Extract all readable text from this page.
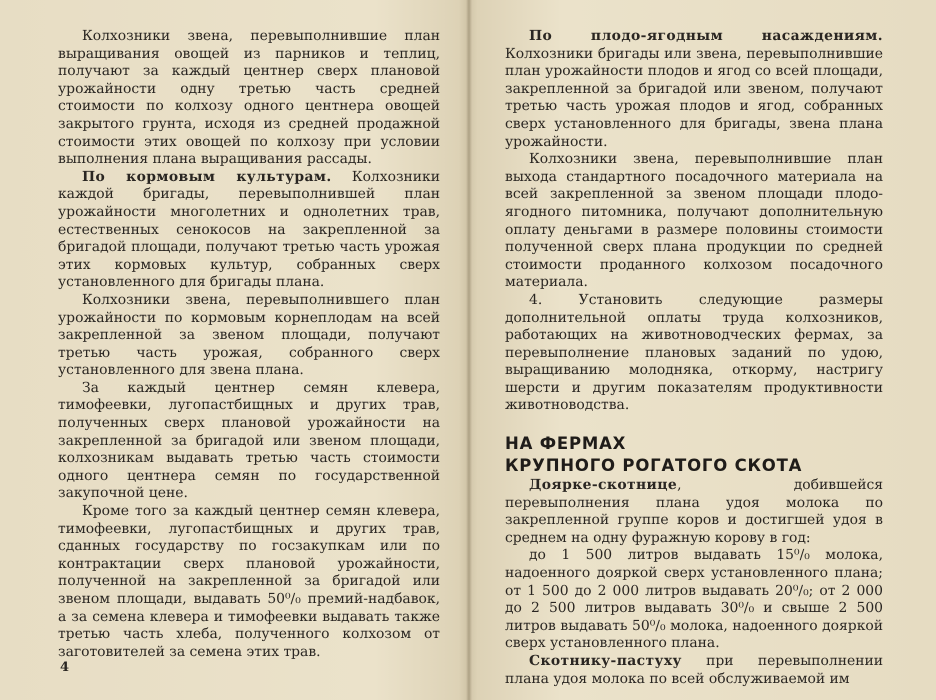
Колхозники звена, перевыполнившие план выращивания овощей из парников и теплиц, получают за каждый центнер сверх плановой урожайности одну третью часть средней стоимости по колхозу одного центнера овощей закрытого грунта, исходя из средней продажной стоимости этих овощей по колхозу при условии выполнения плана выращивания рассады.

По кормовым культурам. Колхозники каждой бригады, перевыполнившей план урожайности многолетних и однолетних трав, естественных сенокосов на закрепленной за бригадой площади, получают третью часть урожая этих кормовых культур, собранных сверх установленного для бригады плана.

Колхозники звена, перевыполнившего план урожайности по кормовым корнеплодам на всей закрепленной за звеном площади, получают третью часть урожая, собранного сверх установленного для звена плана.

За каждый центнер семян клевера, тимофеевки, лугопастбищных и других трав, полученных сверх плановой урожайности на закрепленной за бригадой или звеном площади, колхозникам выдавать третью часть стоимости одного центнера семян по государственной закупочной цене.

Кроме того за каждый центнер семян клевера, тимофеевки, лугопастбищных и других трав, сданных государству по госзакупкам или по контрактации сверх плановой урожайности, полученной на закрепленной за бригадой или звеном площади, выдавать 50⁰/₀ премий-надбавок, а за семена клевера и тимофеевки выдавать также третью часть хлеба, полученного колхозом от заготовителей за семена этих трав.

4

По плодо-ягодным насаждениям. Колхозники бригады или звена, перевыполнившие план урожайности плодов и ягод со всей площади, закрепленной за бригадой или звеном, получают третью часть урожая плодов и ягод, собранных сверх установленного для бригады, звена плана урожайности.

Колхозники звена, перевыполнившие план выхода стандартного посадочного материала на всей закрепленной за звеном площади плодо-ягодного питомника, получают дополнительную оплату деньгами в размере половины стоимости полученной сверх плана продукции по средней стоимости проданного колхозом посадочного материала.

4. Установить следующие размеры дополнительной оплаты труда колхозников, работающих на животноводческих фермах, за перевыполнение плановых заданий по удою, выращиванию молодняка, откорму, настригу шерсти и другим показателям продуктивности животноводства.

НА ФЕРМАХ
КРУПНОГО РОГАТОГО СКОТА

Доярке-скотнице, добившейся перевыполнения плана удоя молока по закрепленной группе коров и достигшей удоя в среднем на одну фуражную корову в год:

до 1 500 литров выдавать 15⁰/₀ молока, надоенного дояркой сверх установленного плана; от 1 500 до 2 000 литров выдавать 20⁰/₀; от 2 000 до 2 500 литров выдавать 30⁰/₀ и свыше 2 500 литров выдавать 50⁰/₀ молока, надоенного дояркой сверх установленного плана.

Скотнику-пастуху при перевыполнении плана удоя молока по всей обслуживаемой им
